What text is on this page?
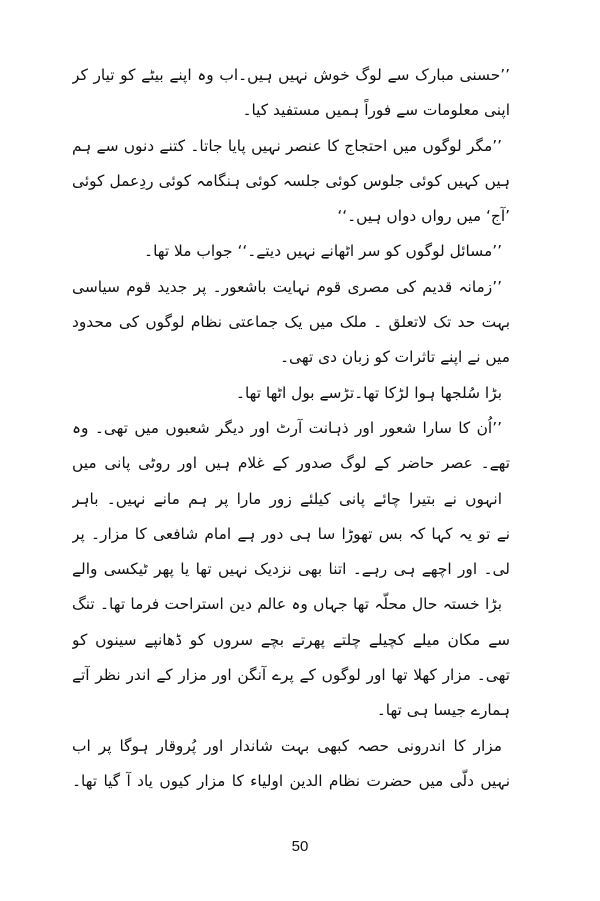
’’حسنی مبارک سے لوگ خوش نہیں ہیں۔اب وہ اپنے بیٹے کو تیار کر
اپنی معلومات سے فوراً ہمیں مستفید کیا۔
’’مگر لوگوں میں احتجاج کا عنصر نہیں پایا جاتا۔ کتنے دنوں سے ہم
ہیں کہیں کوئی جلوس کوئی جلسہ کوئی ہنگامہ کوئی ردِعمل کوئی
’آج‘ میں رواں دواں ہیں۔‘‘
’’مسائل لوگوں کو سر اٹھانے نہیں دیتے۔‘‘ جواب ملا تھا۔
’’زمانہ قدیم کی مصری قوم نہایت باشعور۔ پر جدید قوم سیاسی
بہت حد تک لاتعلق ۔ ملک میں یک جماعتی نظام لوگوں کی محدود
میں نے اپنے تاثرات کو زبان دی تھی۔
بڑا سُلجھا ہوا لڑکا تھا۔تڑسے بول اٹھا تھا۔
’’اُن کا سارا شعور اور ذہانت آرٹ اور دیگر شعبوں میں تھی۔ وہ
تھے۔ عصر حاضر کے لوگ صدور کے غلام ہیں اور روٹی پانی میں
انہوں نے بتیرا چائے پانی کیلئے زور مارا پر ہم مانے نہیں۔ باہر
نے تو یہ کہا کہ بس تھوڑا سا ہی دور ہے امام شافعی کا مزار۔ پر
لی۔ اور اچھے ہی رہے۔ اتنا بھی نزدیک نہیں تھا یا پھر ٹیکسی والے
بڑا خستہ حال محلّہ تھا جہاں وہ عالم دین استراحت فرما تھا۔ تنگ
سے مکان میلے کچیلے چلتے پھرتے بچے سروں کو ڈھانپے سینوں کو
تھی۔ مزار کھلا تھا اور لوگوں کے پرے آنگن اور مزار کے اندر نظر آتے
ہمارے جیسا ہی تھا۔
مزار کا اندرونی حصہ کبھی بہت شاندار اور پُروقار ہوگا پر اب
نہیں دلّی میں حضرت نظام الدین اولیاء کا مزار کیوں یاد آ گیا تھا۔
50
